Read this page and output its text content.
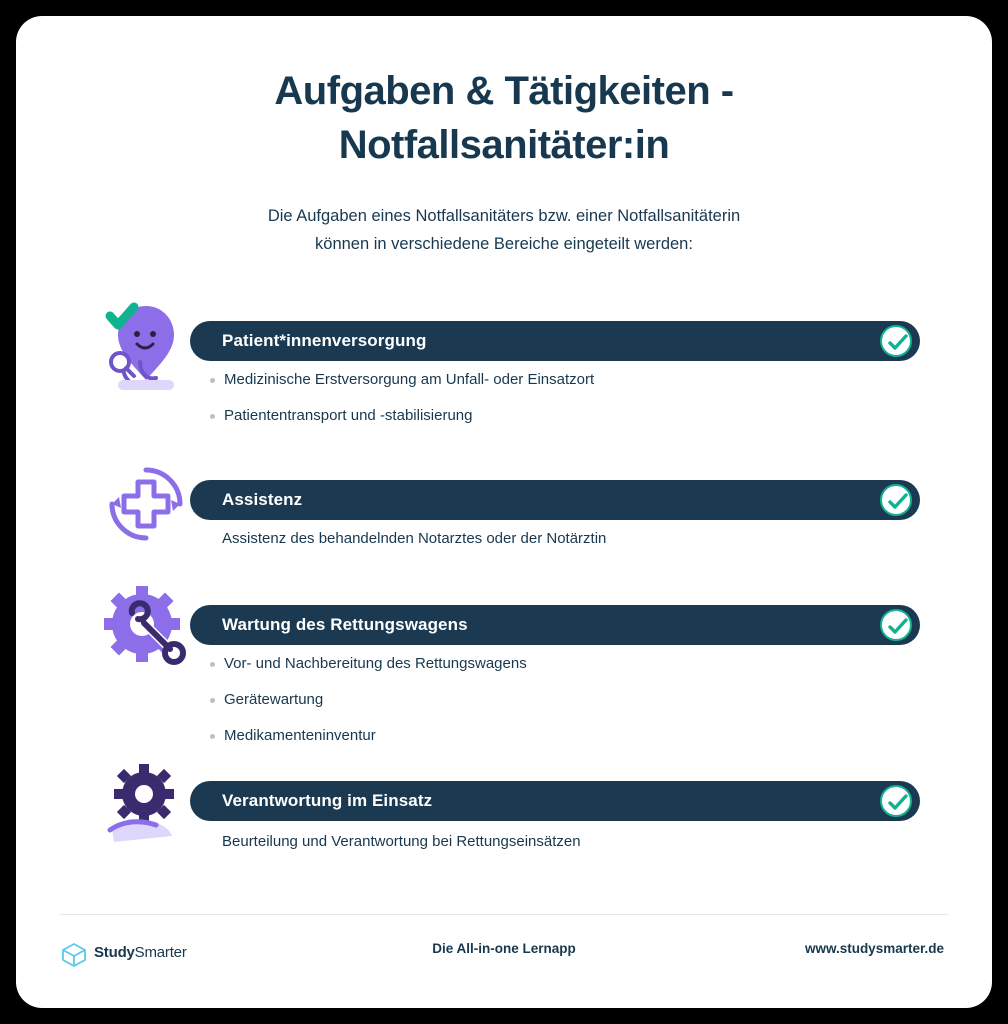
Aufgaben & Tätigkeiten -
Notfallsanitäter:in
Die Aufgaben eines Notfallsanitäters bzw. einer Notfallsanitäterin
können in verschiedene Bereiche eingeteilt werden:
Patient*innenversorgung
Medizinische Erstversorgung am Unfall- oder Einsatzort
Patiententransport und -stabilisierung
Assistenz
Assistenz des behandelnden Notarztes oder der Notärztin
Wartung des Rettungswagens
Vor- und Nachbereitung des Rettungswagens
Gerätewartung
Medikamenteninventur
Verantwortung im Einsatz
Beurteilung und Verantwortung bei Rettungseinsätzen
StudySmarter	Die All-in-one Lernapp	www.studysmarter.de
